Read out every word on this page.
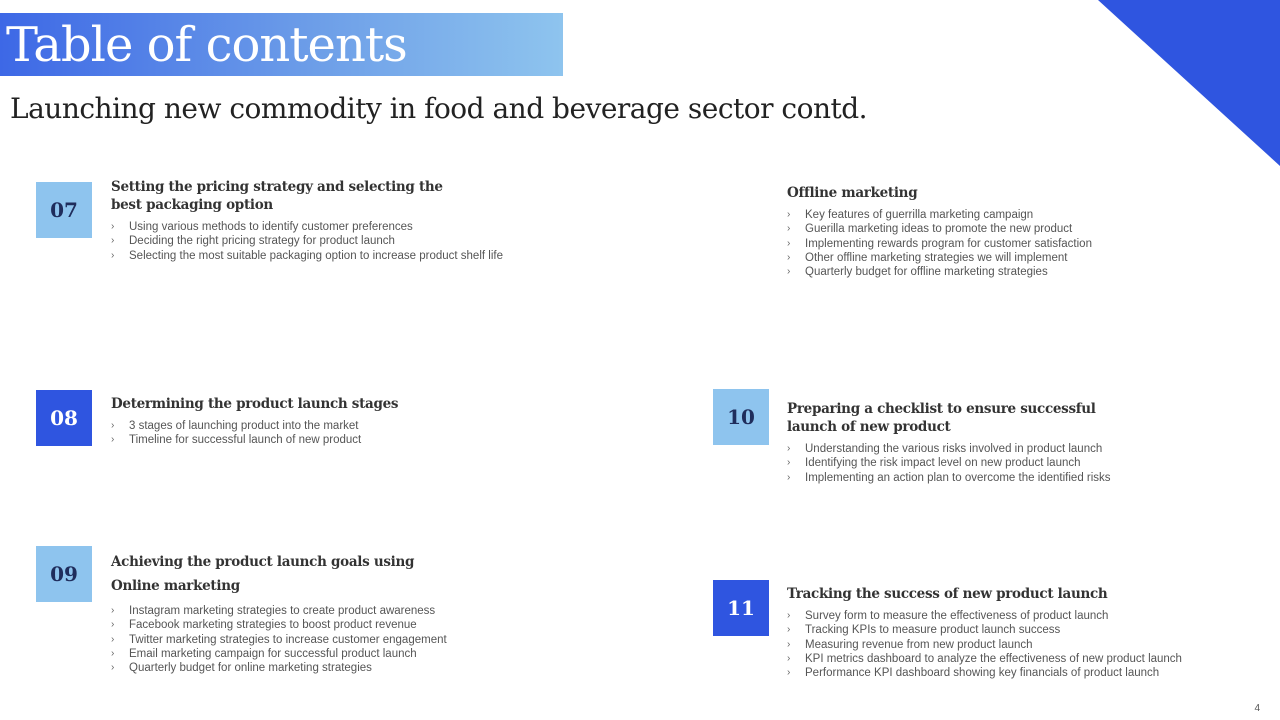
Table of contents
Launching new commodity in food and beverage sector contd.
07
Setting the pricing strategy and selecting the
best packaging option
›	Using various methods to identify customer preferences
›	Deciding the right pricing strategy for product launch
›	Selecting the most suitable packaging option to increase product shelf life
Offline marketing
›	Key features of guerrilla marketing campaign
›	Guerilla marketing ideas to promote the new product
›	Implementing rewards program for customer satisfaction
›	Other offline marketing strategies we will implement
›	Quarterly budget for offline marketing strategies
08
Determining the product launch stages
›	3 stages of launching product into the market
›	Timeline for successful launch of new product
10	Preparing a checklist to ensure successful
launch of new product
›	Understanding the various risks involved in product launch
›	Identifying the risk impact level on new product launch
›	Implementing an action plan to overcome the identified risks
09	Achieving the product launch goals using
Online marketing
›	Instagram marketing strategies to create product awareness
›	Facebook marketing strategies to boost product revenue
›	Twitter marketing strategies to increase customer engagement
›	Email marketing campaign for successful product launch
›	Quarterly budget for online marketing strategies
11
Tracking the success of new product launch
›	Survey form to measure the effectiveness of product launch
›	Tracking KPIs to measure product launch success
›	Measuring revenue from new product launch
›	KPI metrics dashboard to analyze the effectiveness of new product launch
›	Performance KPI dashboard showing key financials of product launch
4
